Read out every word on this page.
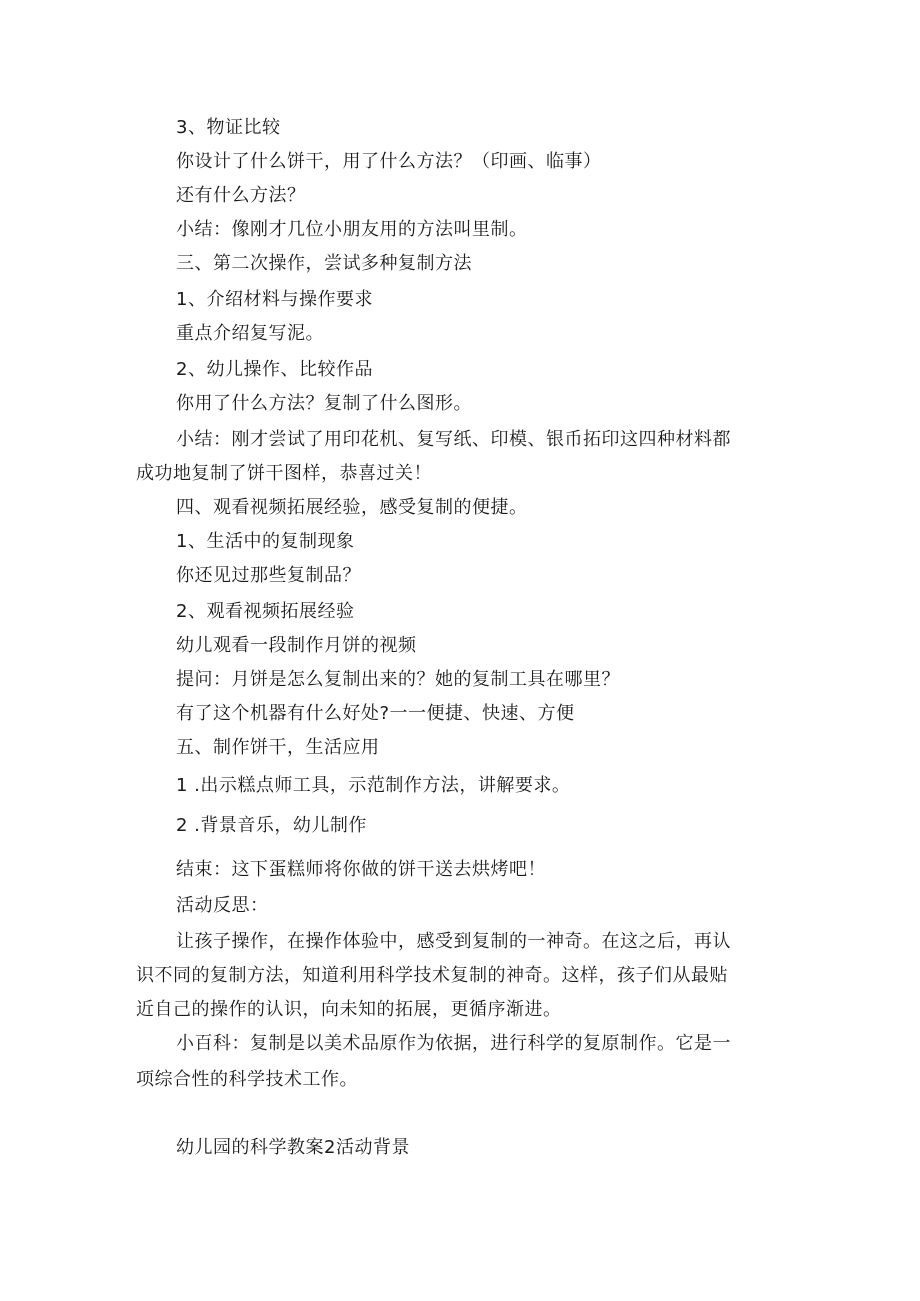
3、物证比较
你设计了什么饼干，用了什么方法？（印画、临事）
还有什么方法？
小结：像刚才几位小朋友用的方法叫里制。
三、第二次操作，尝试多种复制方法
1、介绍材料与操作要求
重点介绍复写泥。
2、幼儿操作、比较作品
你用了什么方法？复制了什么图形。
小结：刚才尝试了用印花机、复写纸、印模、银币拓印这四种材料都
成功地复制了饼干图样，恭喜过关！
四、观看视频拓展经验，感受复制的便捷。
1、生活中的复制现象
你还见过那些复制品？
2、观看视频拓展经验
幼儿观看一段制作月饼的视频
提问：月饼是怎么复制出来的？她的复制工具在哪里？
有了这个机器有什么好处?一一便捷、快速、方便
五、制作饼干，生活应用
1 .出示糕点师工具，示范制作方法，讲解要求。
2 .背景音乐，幼儿制作
结束：这下蛋糕师将你做的饼干送去烘烤吧！
活动反思：
让孩子操作，在操作体验中，感受到复制的一神奇。在这之后，再认
识不同的复制方法，知道利用科学技术复制的神奇。这样，孩子们从最贴
近自己的操作的认识，向未知的拓展，更循序渐进。
小百科：复制是以美术品原作为依据，进行科学的复原制作。它是一
项综合性的科学技术工作。
幼儿园的科学教案2活动背景
